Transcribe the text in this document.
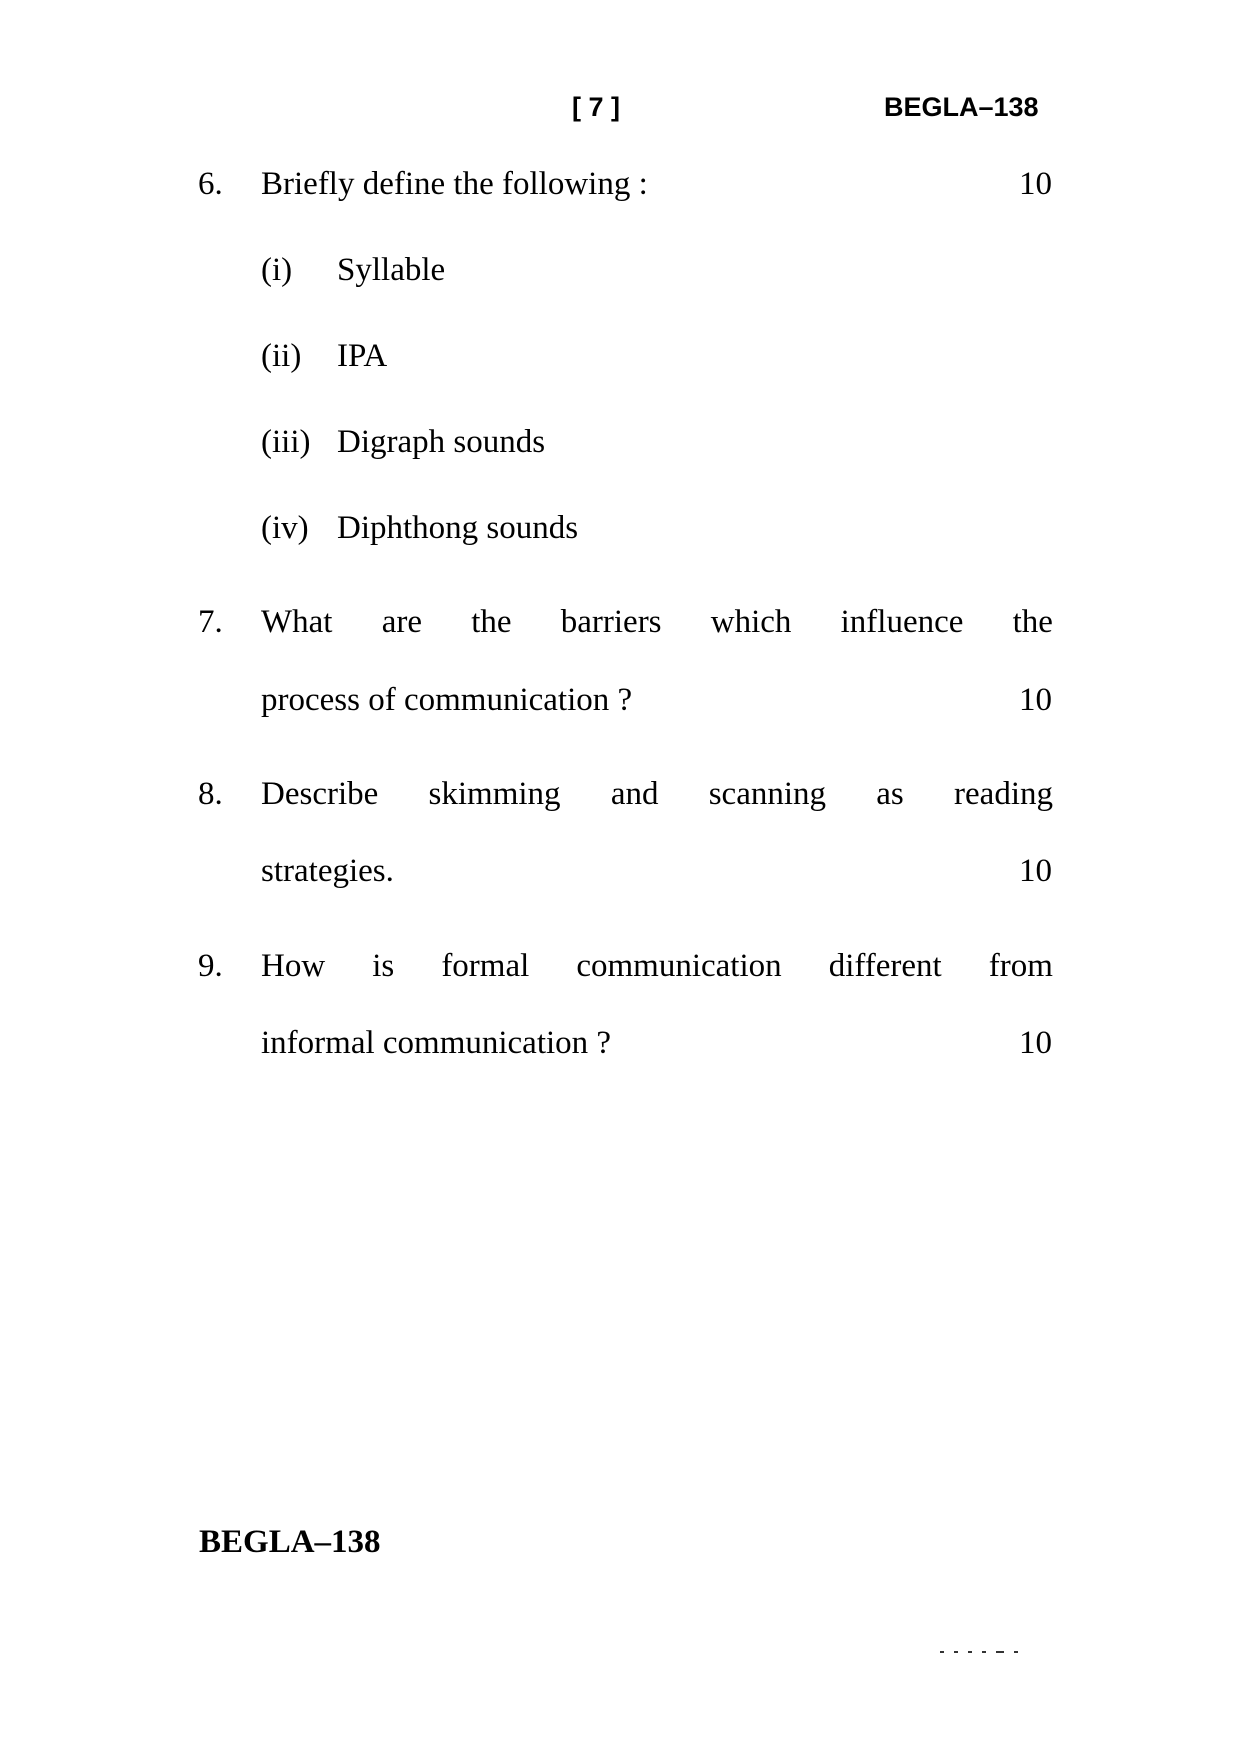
[ 7 ]	BEGLA–138
6. Briefly define the following :	10
(i) Syllable
(ii) IPA
(iii) Digraph sounds
(iv) Diphthong sounds
7. What are the barriers which influence the
process of communication ?	10
8. Describe skimming and scanning as reading
strategies.	10
9. How is formal communication different from
informal communication ?	10
BEGLA–138
